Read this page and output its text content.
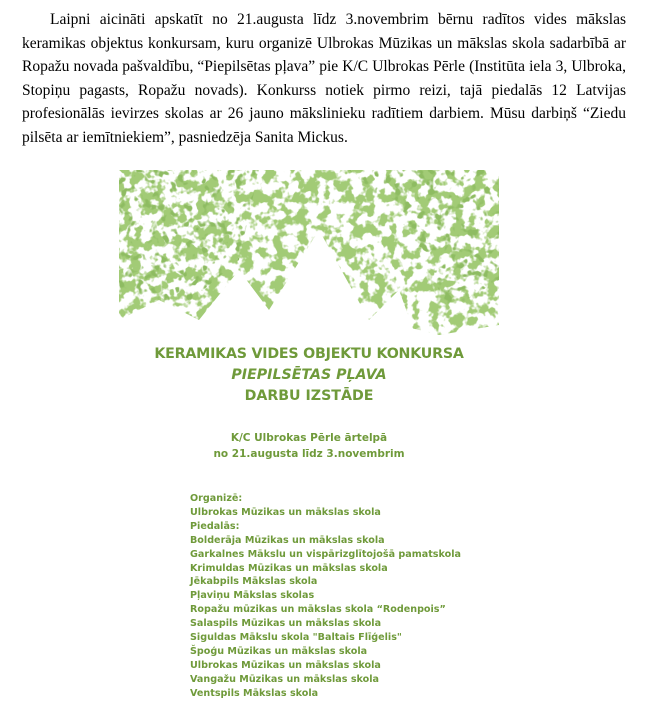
Laipni aicināti apskatīt no 21.augusta līdz 3.novembrim bērnu radītos vides mākslas keramikas objektus konkursam, kuru organizē Ulbrokas Mūzikas un mākslas skola sadarbībā ar Ropažu novada pašvaldību, “Piepilsētas pļava” pie K/C Ulbrokas Pērle (Institūta iela 3, Ulbroka, Stopiņu pagasts, Ropažu novads). Konkurss notiek pirmo reizi, tajā piedalās 12 Latvijas profesionālās ievirzes skolas ar 26 jauno mākslinieku radītiem darbiem. Mūsu darbiņš “Ziedu pilsēta ar iemītniekiem”, pasniedzēja Sanita Mickus.

KERAMIKAS VIDES OBJEKTU KONKURSA
PIEPILSĒTAS PĻAVA
DARBU IZSTĀDE
K/C Ulbrokas Pērle ārtelpā
no 21.augusta līdz 3.novembrim
Organizē:
Ulbrokas Mūzikas un mākslas skola
Piedalās:
Bolderāja Mūzikas un mākslas skola
Garkalnes Mākslu un vispārizglītojošā pamatskola
Krimuldas Mūzikas un mākslas skola
Jēkabpils Mākslas skola
Pļaviņu Mākslas skolas
Ropažu mūzikas un mākslas skola “Rodenpois”
Salaspils Mūzikas un mākslas skola
Siguldas Mākslu skola "Baltais Flīģelis"
Špoģu Mūzikas un mākslas skola
Ulbrokas Mūzikas un mākslas skola
Vangažu Mūzikas un mākslas skola
Ventspils Mākslas skola
